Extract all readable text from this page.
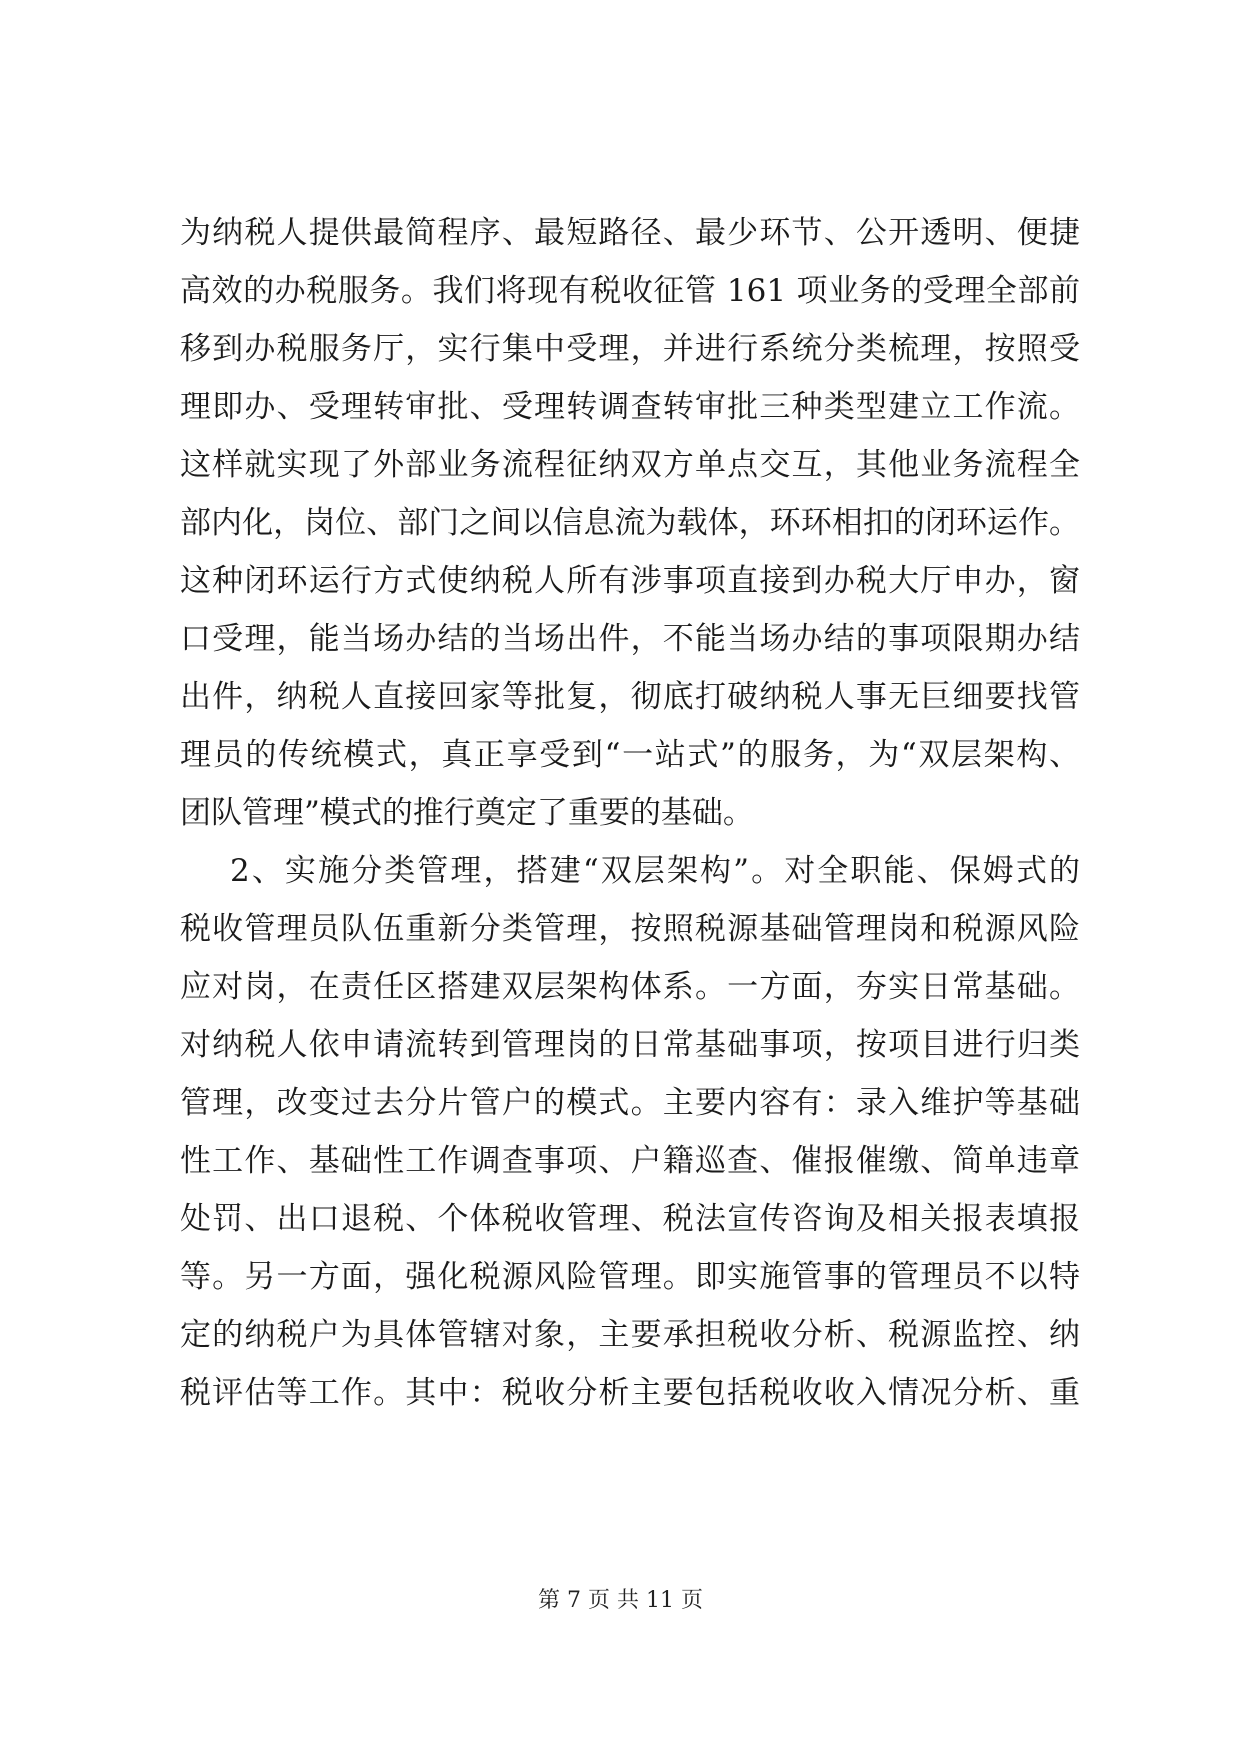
为纳税人提供最简程序、最短路径、最少环节、公开透明、便捷
高效的办税服务。我们将现有税收征管 161 项业务的受理全部前
移到办税服务厅，实行集中受理，并进行系统分类梳理，按照受
理即办、受理转审批、受理转调查转审批三种类型建立工作流。
这样就实现了外部业务流程征纳双方单点交互，其他业务流程全
部内化，岗位、部门之间以信息流为载体，环环相扣的闭环运作。
这种闭环运行方式使纳税人所有涉事项直接到办税大厅申办，窗
口受理，能当场办结的当场出件，不能当场办结的事项限期办结
出件，纳税人直接回家等批复，彻底打破纳税人事无巨细要找管
理员的传统模式，真正享受到“一站式”的服务，为“双层架构、
团队管理”模式的推行奠定了重要的基础。
2、实施分类管理，搭建“双层架构”。对全职能、保姆式的
税收管理员队伍重新分类管理，按照税源基础管理岗和税源风险
应对岗，在责任区搭建双层架构体系。一方面，夯实日常基础。
对纳税人依申请流转到管理岗的日常基础事项，按项目进行归类
管理，改变过去分片管户的模式。主要内容有：录入维护等基础
性工作、基础性工作调查事项、户籍巡查、催报催缴、简单违章
处罚、出口退税、个体税收管理、税法宣传咨询及相关报表填报
等。另一方面，强化税源风险管理。即实施管事的管理员不以特
定的纳税户为具体管辖对象，主要承担税收分析、税源监控、纳
税评估等工作。其中：税收分析主要包括税收收入情况分析、重
第 7 页 共 11 页
